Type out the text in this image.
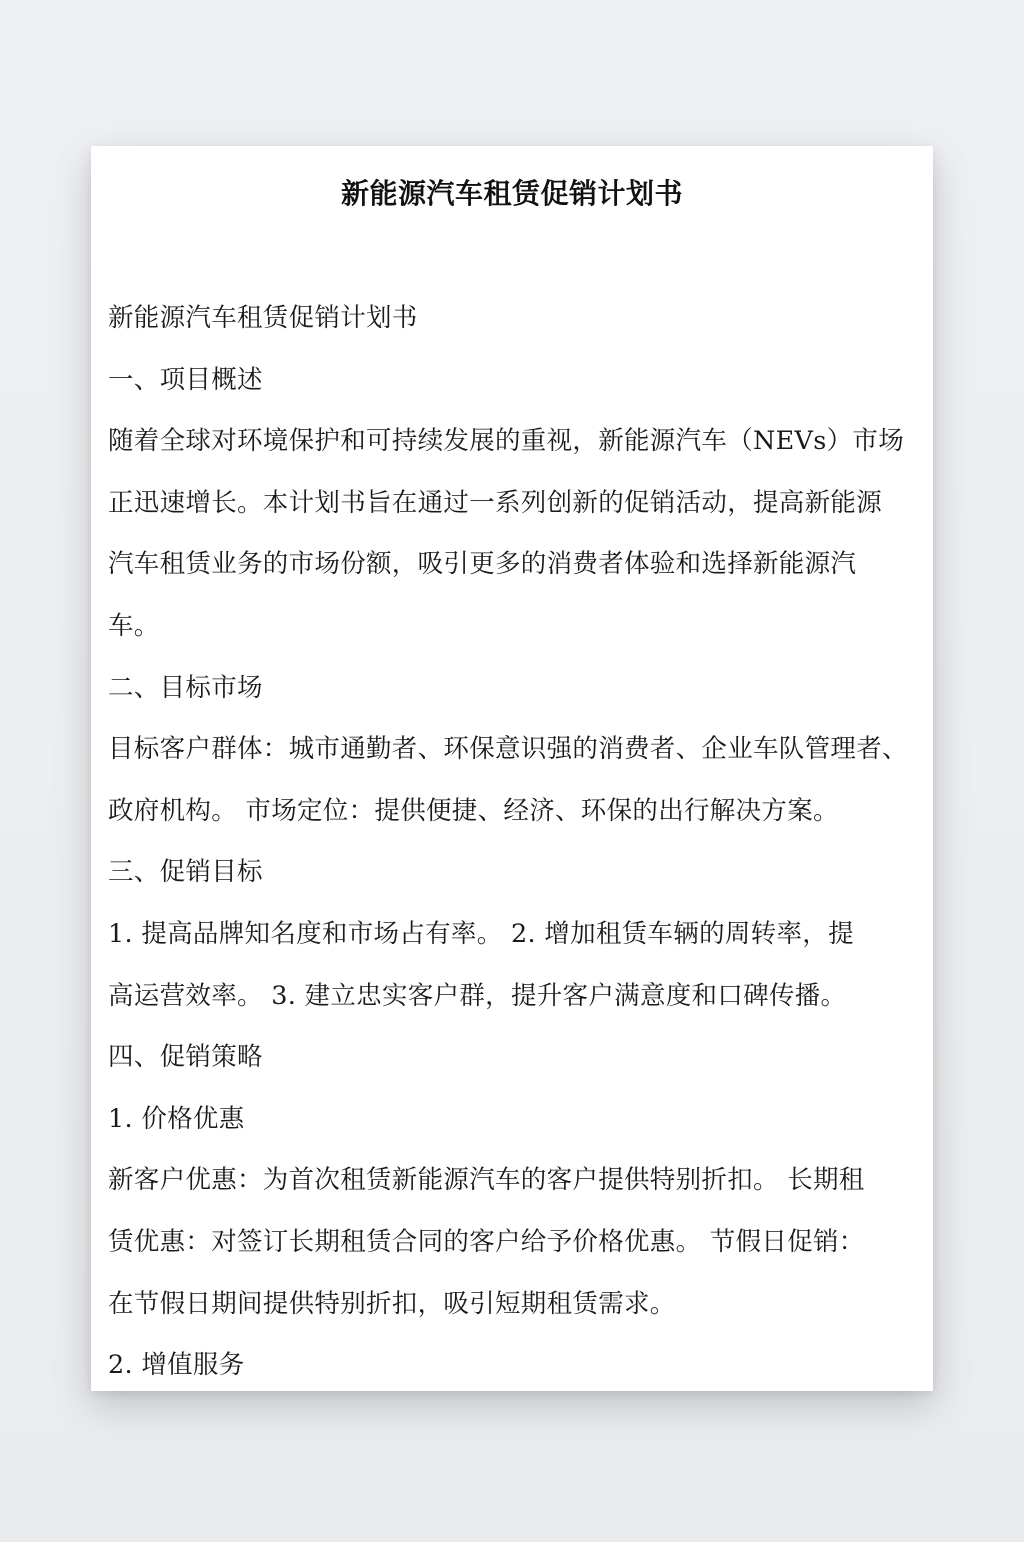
新能源汽车租赁促销计划书
新能源汽车租赁促销计划书
一、项目概述
随着全球对环境保护和可持续发展的重视，新能源汽车（NEVs）市场
正迅速增长。本计划书旨在通过一系列创新的促销活动，提高新能源
汽车租赁业务的市场份额，吸引更多的消费者体验和选择新能源汽
车。
二、目标市场
目标客户群体：城市通勤者、环保意识强的消费者、企业车队管理者、
政府机构。 市场定位：提供便捷、经济、环保的出行解决方案。
三、促销目标
1. 提高品牌知名度和市场占有率。 2. 增加租赁车辆的周转率，提
高运营效率。 3. 建立忠实客户群，提升客户满意度和口碑传播。
四、促销策略
1. 价格优惠
新客户优惠：为首次租赁新能源汽车的客户提供特别折扣。 长期租
赁优惠：对签订长期租赁合同的客户给予价格优惠。 节假日促销：
在节假日期间提供特别折扣，吸引短期租赁需求。
2. 增值服务
